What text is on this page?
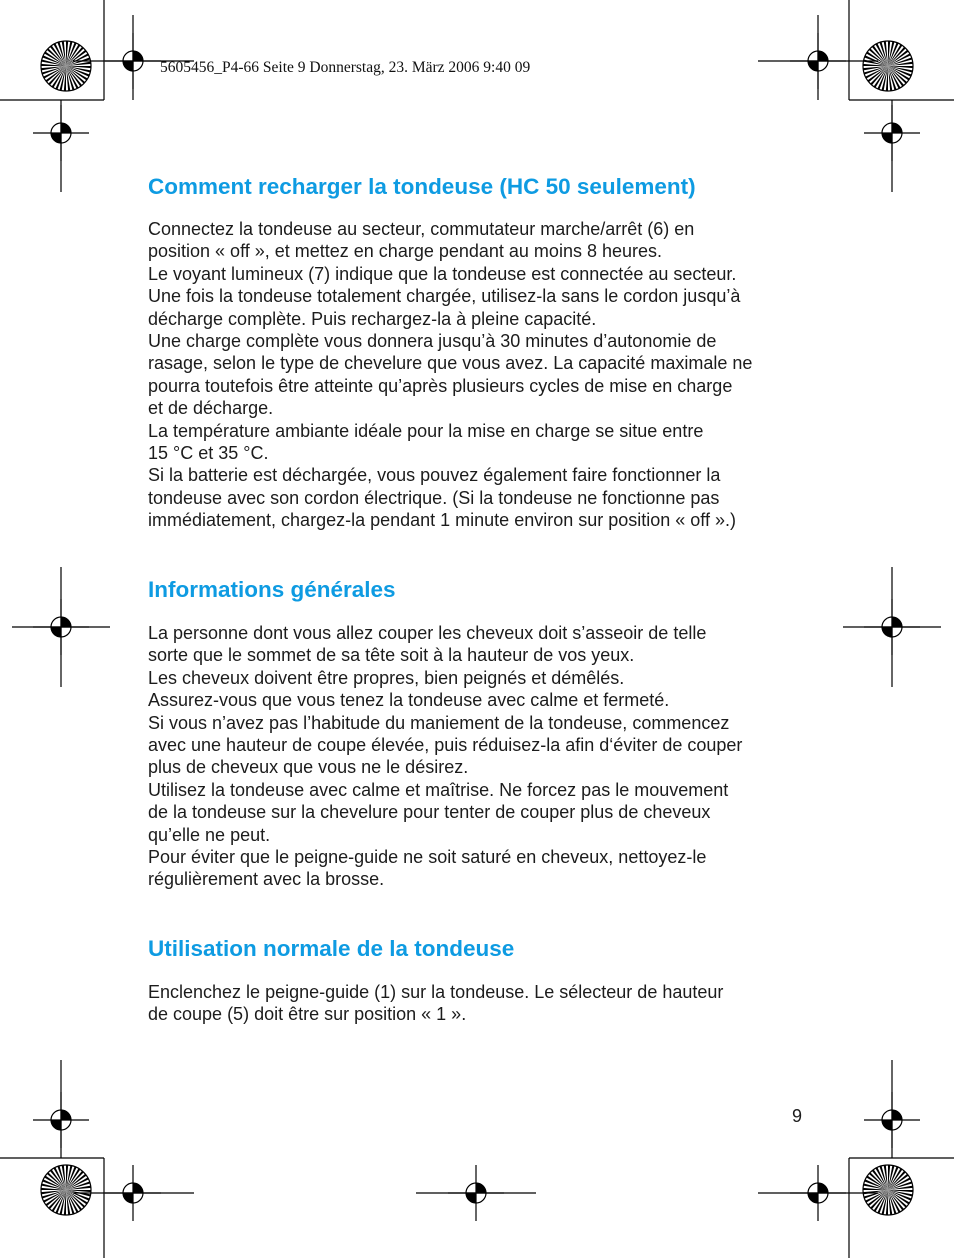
5605456_P4-66 Seite 9 Donnerstag, 23. März 2006 9:40 09
Comment recharger la tondeuse (HC 50 seulement)
Connectez la tondeuse au secteur, commutateur marche/arrêt (6) en
position « off », et mettez en charge pendant au moins 8 heures.
Le voyant lumineux (7) indique que la tondeuse est connectée au secteur.
Une fois la tondeuse totalement chargée, utilisez-la sans le cordon jusqu’à
décharge complète. Puis rechargez-la à pleine capacité.
Une charge complète vous donnera jusqu’à 30 minutes d’autonomie de
rasage, selon le type de chevelure que vous avez. La capacité maximale ne
pourra toutefois être atteinte qu’après plusieurs cycles de mise en charge
et de décharge.
La température ambiante idéale pour la mise en charge se situe entre
15 °C et 35 °C.
Si la batterie est déchargée, vous pouvez également faire fonctionner la
tondeuse avec son cordon électrique. (Si la tondeuse ne fonctionne pas
immédiatement, chargez-la pendant 1 minute environ sur position « off ».)
Informations générales
La personne dont vous allez couper les cheveux doit s’asseoir de telle
sorte que le sommet de sa tête soit à la hauteur de vos yeux.
Les cheveux doivent être propres, bien peignés et démêlés.
Assurez-vous que vous tenez la tondeuse avec calme et fermeté.
Si vous n’avez pas l’habitude du maniement de la tondeuse, commencez
avec une hauteur de coupe élevée, puis réduisez-la afin d‘éviter de couper
plus de cheveux que vous ne le désirez.
Utilisez la tondeuse avec calme et maîtrise. Ne forcez pas le mouvement
de la tondeuse sur la chevelure pour tenter de couper plus de cheveux
qu’elle ne peut.
Pour éviter que le peigne-guide ne soit saturé en cheveux, nettoyez-le
régulièrement avec la brosse.
Utilisation normale de la tondeuse
Enclenchez le peigne-guide (1) sur la tondeuse. Le sélecteur de hauteur
de coupe (5) doit être sur position « 1 ».
9
